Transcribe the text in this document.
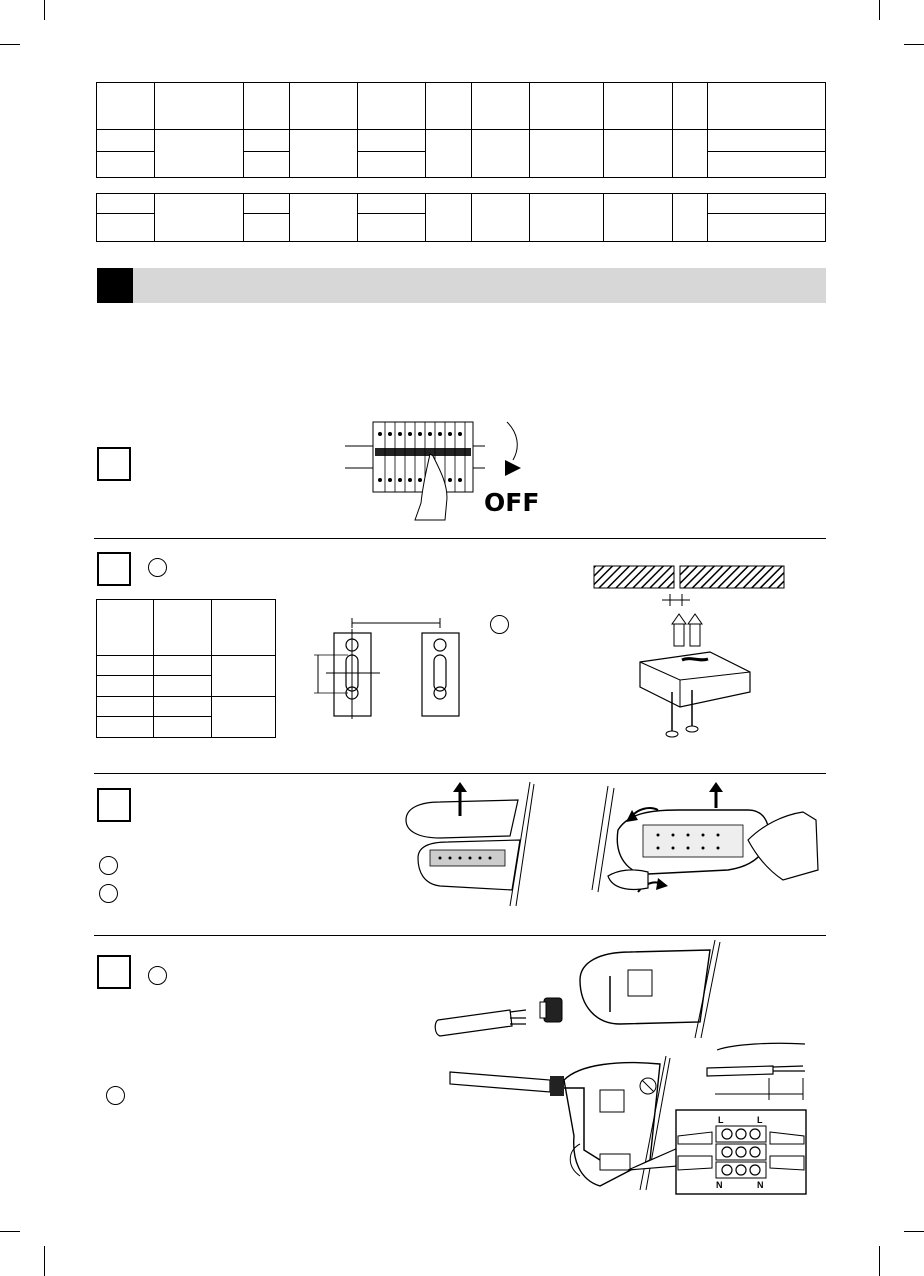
OFF

L	L
N	N
